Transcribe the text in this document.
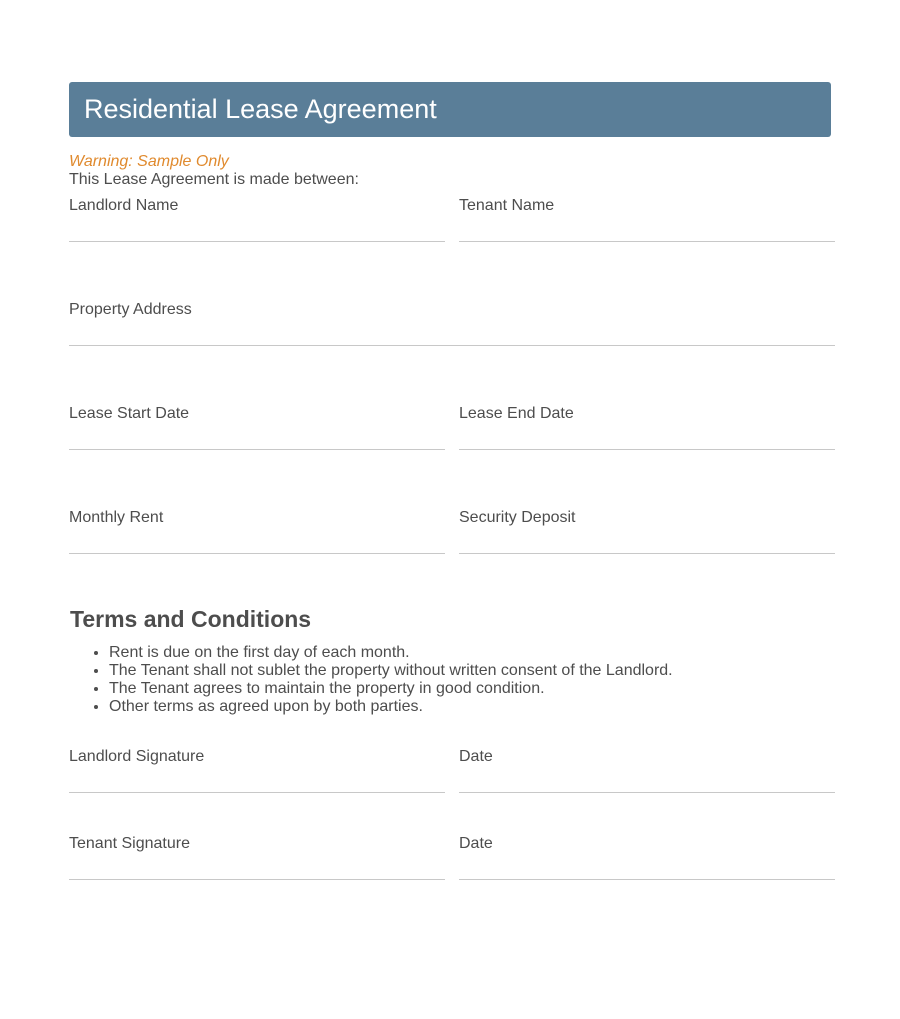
Residential Lease Agreement
Warning: Sample Only
This Lease Agreement is made between:
Landlord Name	Tenant Name
Property Address
Lease Start Date	Lease End Date
Monthly Rent	Security Deposit
Terms and Conditions
• Rent is due on the first day of each month.
• The Tenant shall not sublet the property without written consent of the Landlord.
• The Tenant agrees to maintain the property in good condition.
• Other terms as agreed upon by both parties.
Landlord Signature	Date
Tenant Signature	Date
